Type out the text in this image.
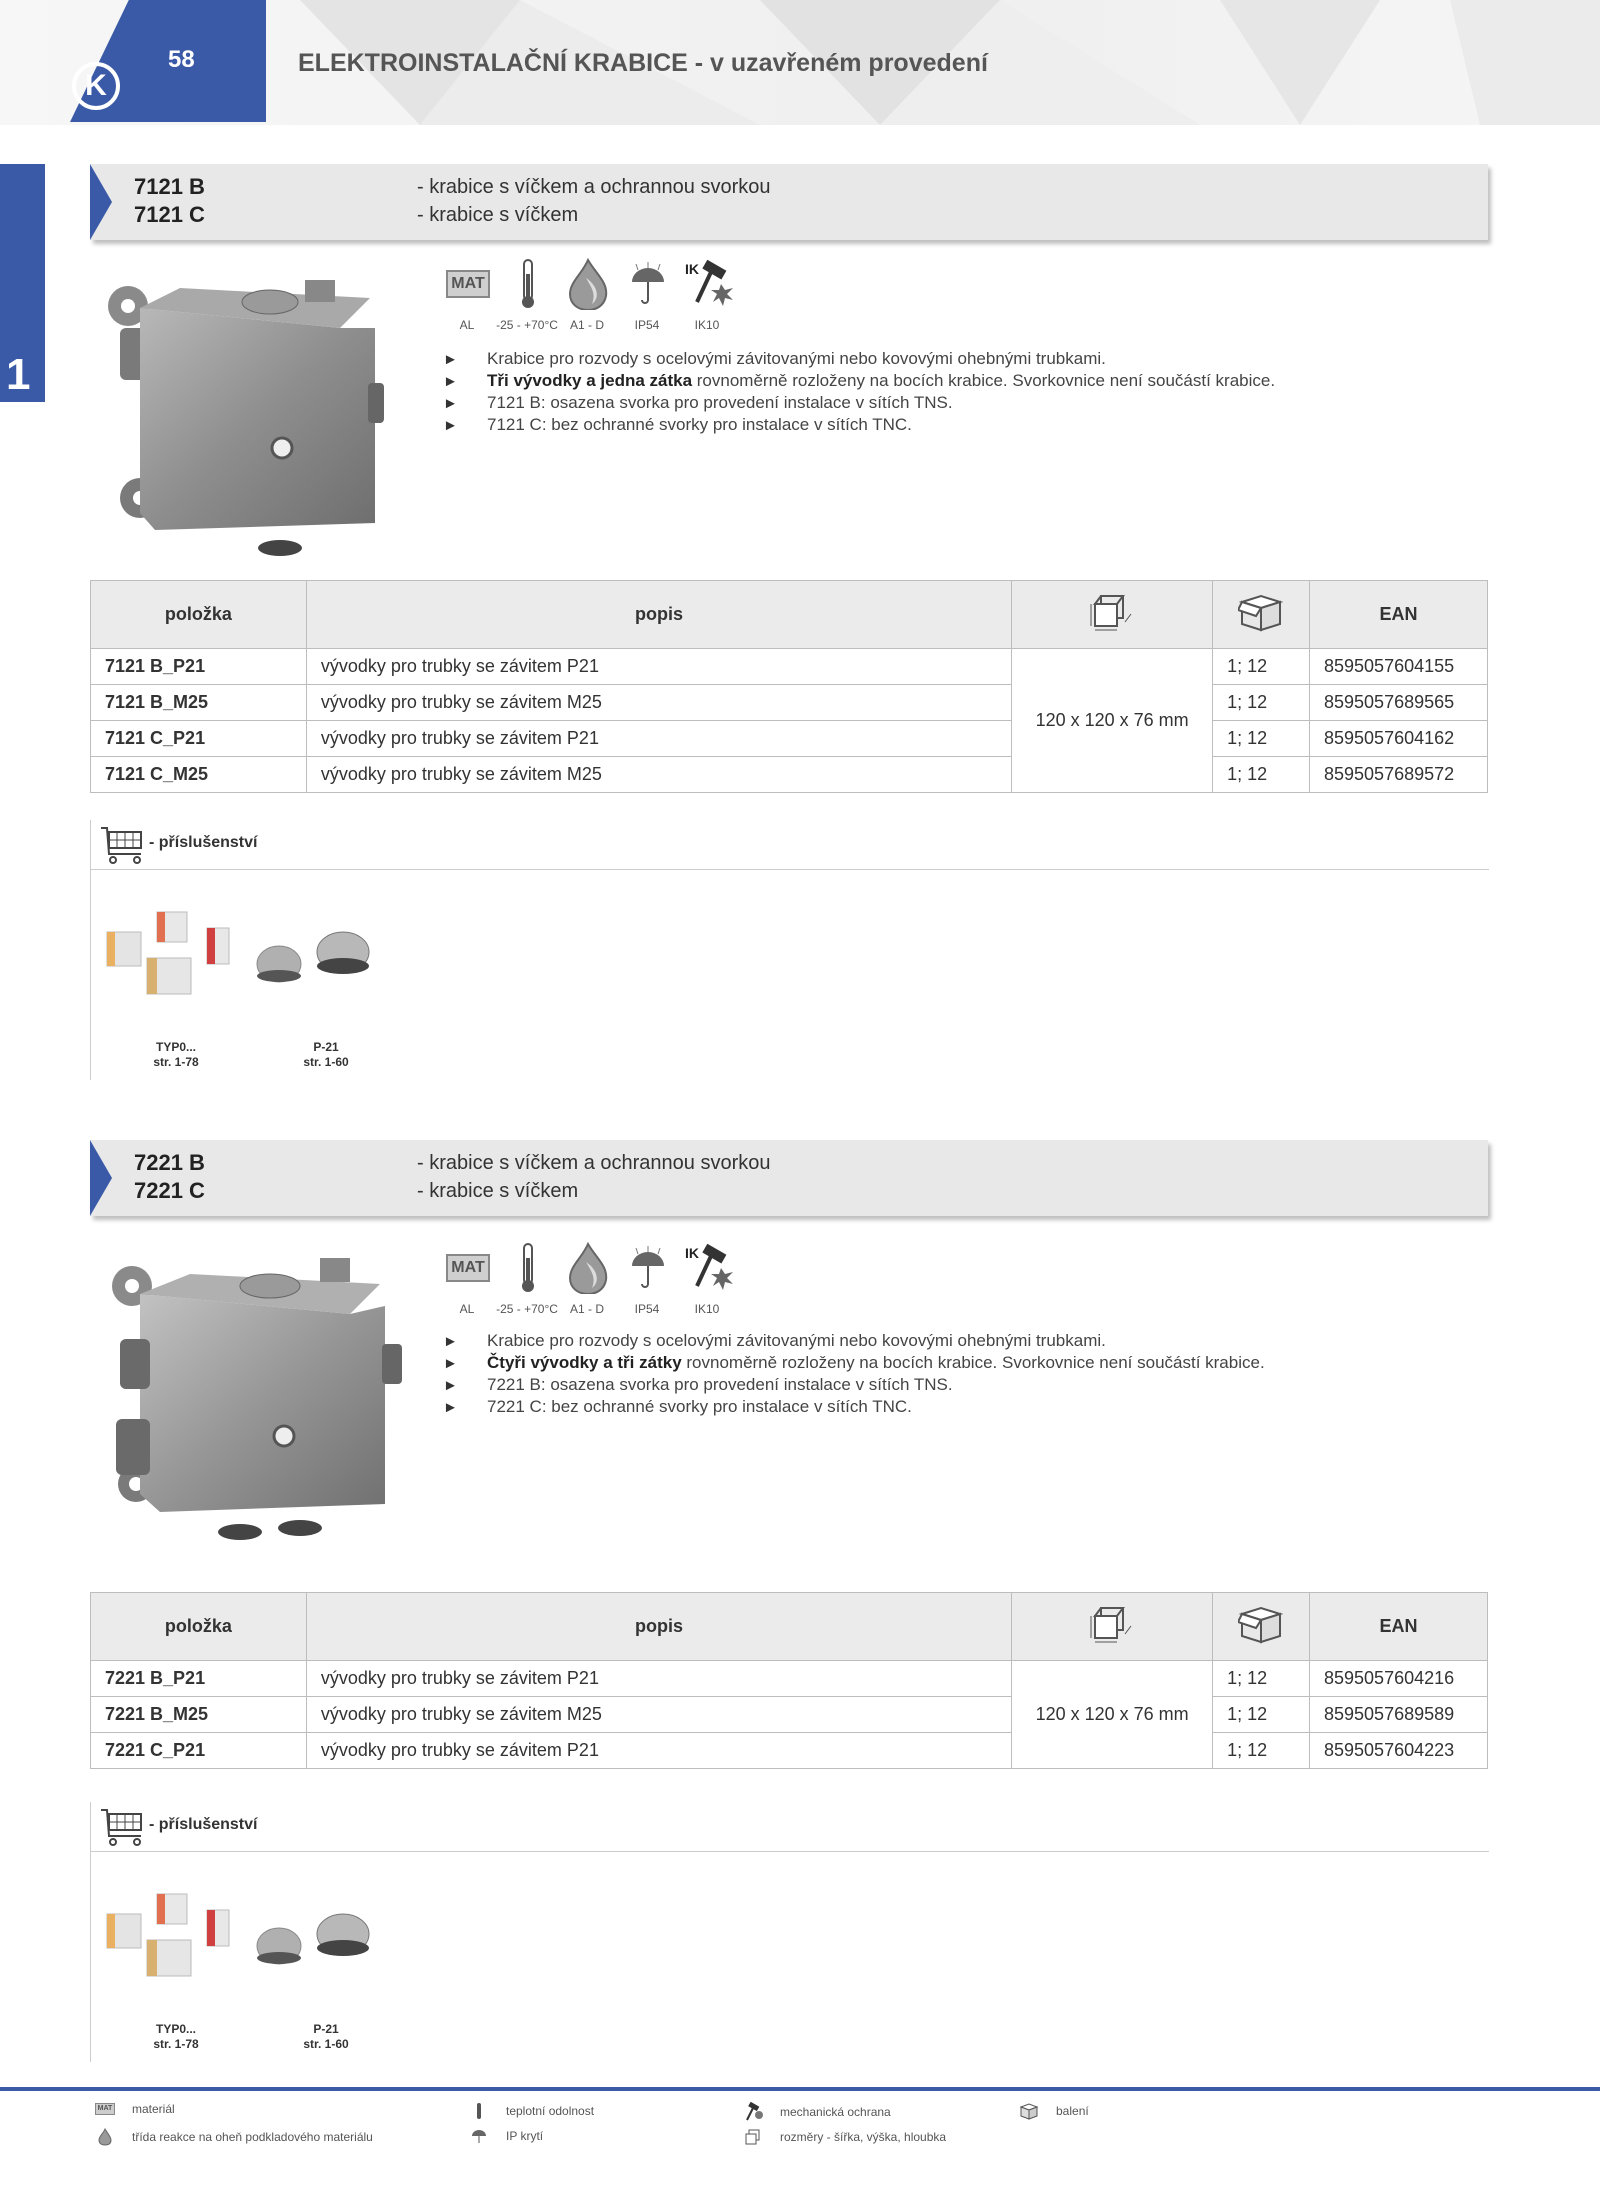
K
58	ELEKTROINSTALAČNÍ KRABICE - v uzavřeném provedení
1
7121 B
7121 C
- krabice s víčkem a ochrannou svorkou
- krabice s víčkem
MAT
IK
AL	-25 - +70°C	A1 - D	IP54	IK10
► Krabice pro rozvody s ocelovými závitovanými nebo kovovými ohebnými trubkami.
► Tři vývodky a jedna zátka rovnoměrně rozloženy na bocích krabice. Svorkovnice není součástí krabice.
► 7121 B: osazena svorka pro provedení instalace v sítích TNS.
► 7121 C: bez ochranné svorky pro instalace v sítích TNC.
položka	popis			EAN
7121 B_P21	vývodky pro trubky se závitem P21	120 x 120 x 76 mm	1; 12	8595057604155
7121 B_M25	vývodky pro trubky se závitem M25		1; 12	8595057689565
7121 C_P21	vývodky pro trubky se závitem P21		1; 12	8595057604162
7121 C_M25	vývodky pro trubky se závitem M25		1; 12	8595057689572
- příslušenství
TYP0...
str. 1-78
P-21
str. 1-60
7221 B
7221 C
- krabice s víčkem a ochrannou svorkou
- krabice s víčkem
MAT
IK
AL	-25 - +70°C	A1 - D	IP54	IK10
► Krabice pro rozvody s ocelovými závitovanými nebo kovovými ohebnými trubkami.
► Čtyři vývodky a tři zátky rovnoměrně rozloženy na bocích krabice. Svorkovnice není součástí krabice.
► 7221 B: osazena svorka pro provedení instalace v sítích TNS.
► 7221 C: bez ochranné svorky pro instalace v sítích TNC.
položka	popis			EAN
7221 B_P21	vývodky pro trubky se závitem P21	120 x 120 x 76 mm	1; 12	8595057604216
7221 B_M25	vývodky pro trubky se závitem M25		1; 12	8595057689589
7221 C_P21	vývodky pro trubky se závitem P21		1; 12	8595057604223
- příslušenství
TYP0...
str. 1-78
P-21
str. 1-60
MAT materiál
třída reakce na oheň podkladového materiálu
teplotní odolnost
IP krytí
mechanická ochrana
rozměry - šířka, výška, hloubka
balení
